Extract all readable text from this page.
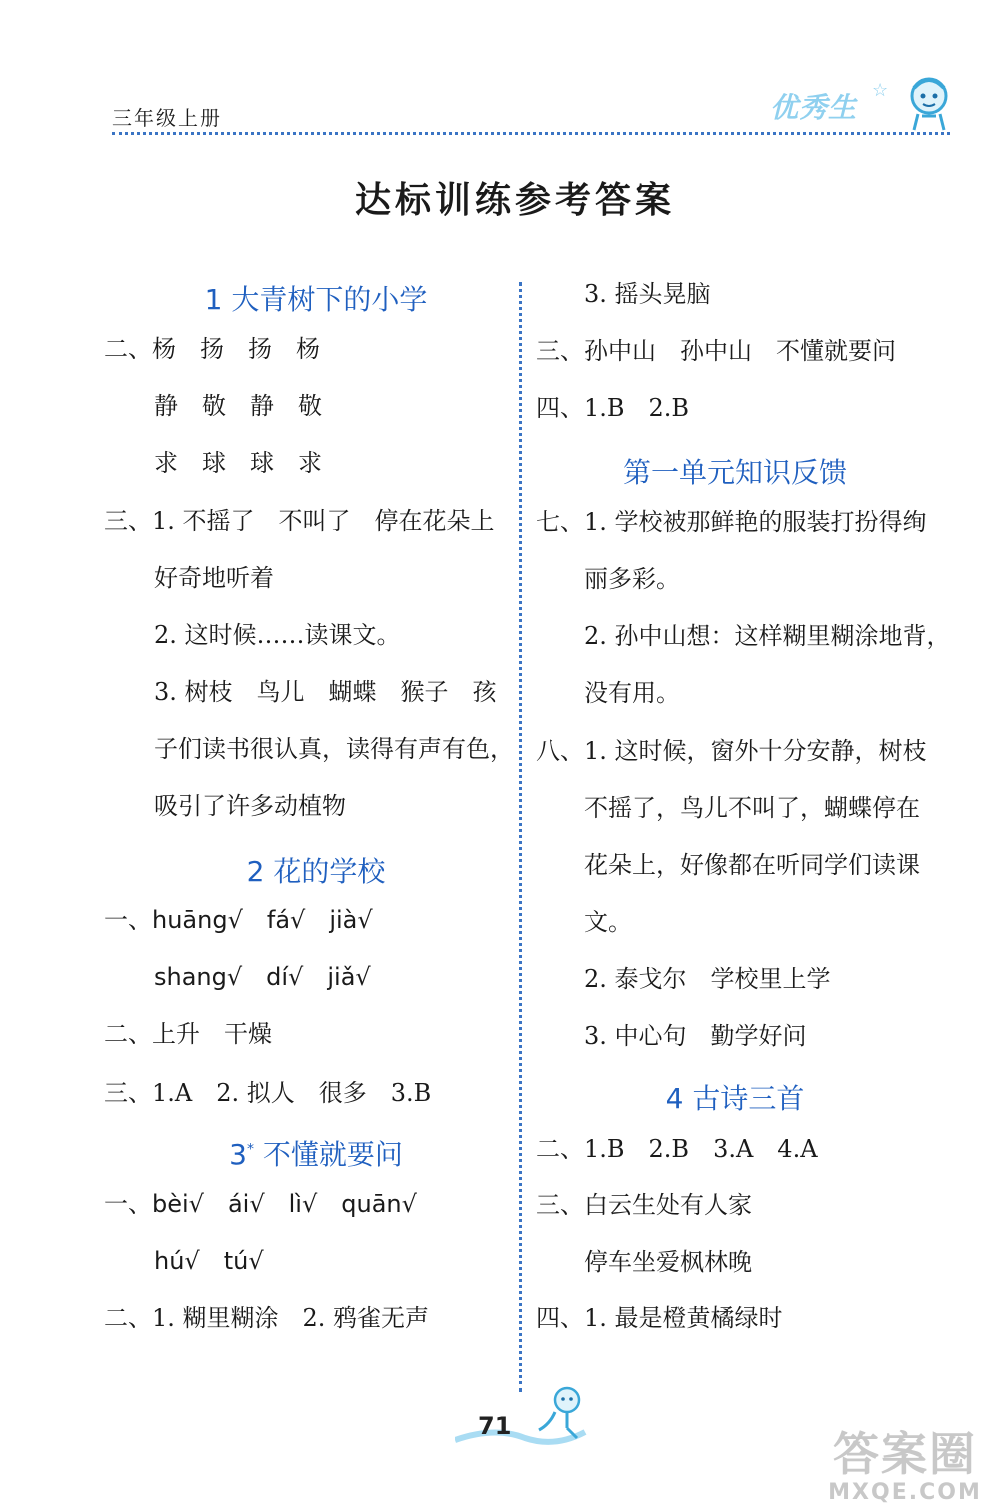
三年级上册	优秀生
☆
达标训练参考答案
1 大青树下的小学
二、杨　扬　扬　杨
静　敬　静　敬
求　球　球　求
三、1. 不摇了　不叫了　停在花朵上
好奇地听着
2. 这时候……读课文。
3. 树枝　鸟儿　蝴蝶　猴子　孩
子们读书很认真，读得有声有色，
吸引了许多动植物
2 花的学校
一、huāng√　fá√　jià√
shang√　dí√　jiǎ√
二、上升　干燥
三、1.A　2. 拟人　很多　3.B
3* 不懂就要问
一、bèi√　ái√　lì√　quān√
hú√　tú√
二、1. 糊里糊涂　2. 鸦雀无声
3. 摇头晃脑
三、孙中山　孙中山　不懂就要问
四、1.B　2.B
第一单元知识反馈
七、1. 学校被那鲜艳的服装打扮得绚
丽多彩。
2. 孙中山想：这样糊里糊涂地背，
没有用。
八、1. 这时候，窗外十分安静，树枝
不摇了，鸟儿不叫了，蝴蝶停在
花朵上，好像都在听同学们读课
文。
2. 泰戈尔　学校里上学
3. 中心句　勤学好问
4 古诗三首
二、1.B　2.B　3.A　4.A
三、白云生处有人家
停车坐爱枫林晚
四、1. 最是橙黄橘绿时
71
答案圈
MXQE.COM
